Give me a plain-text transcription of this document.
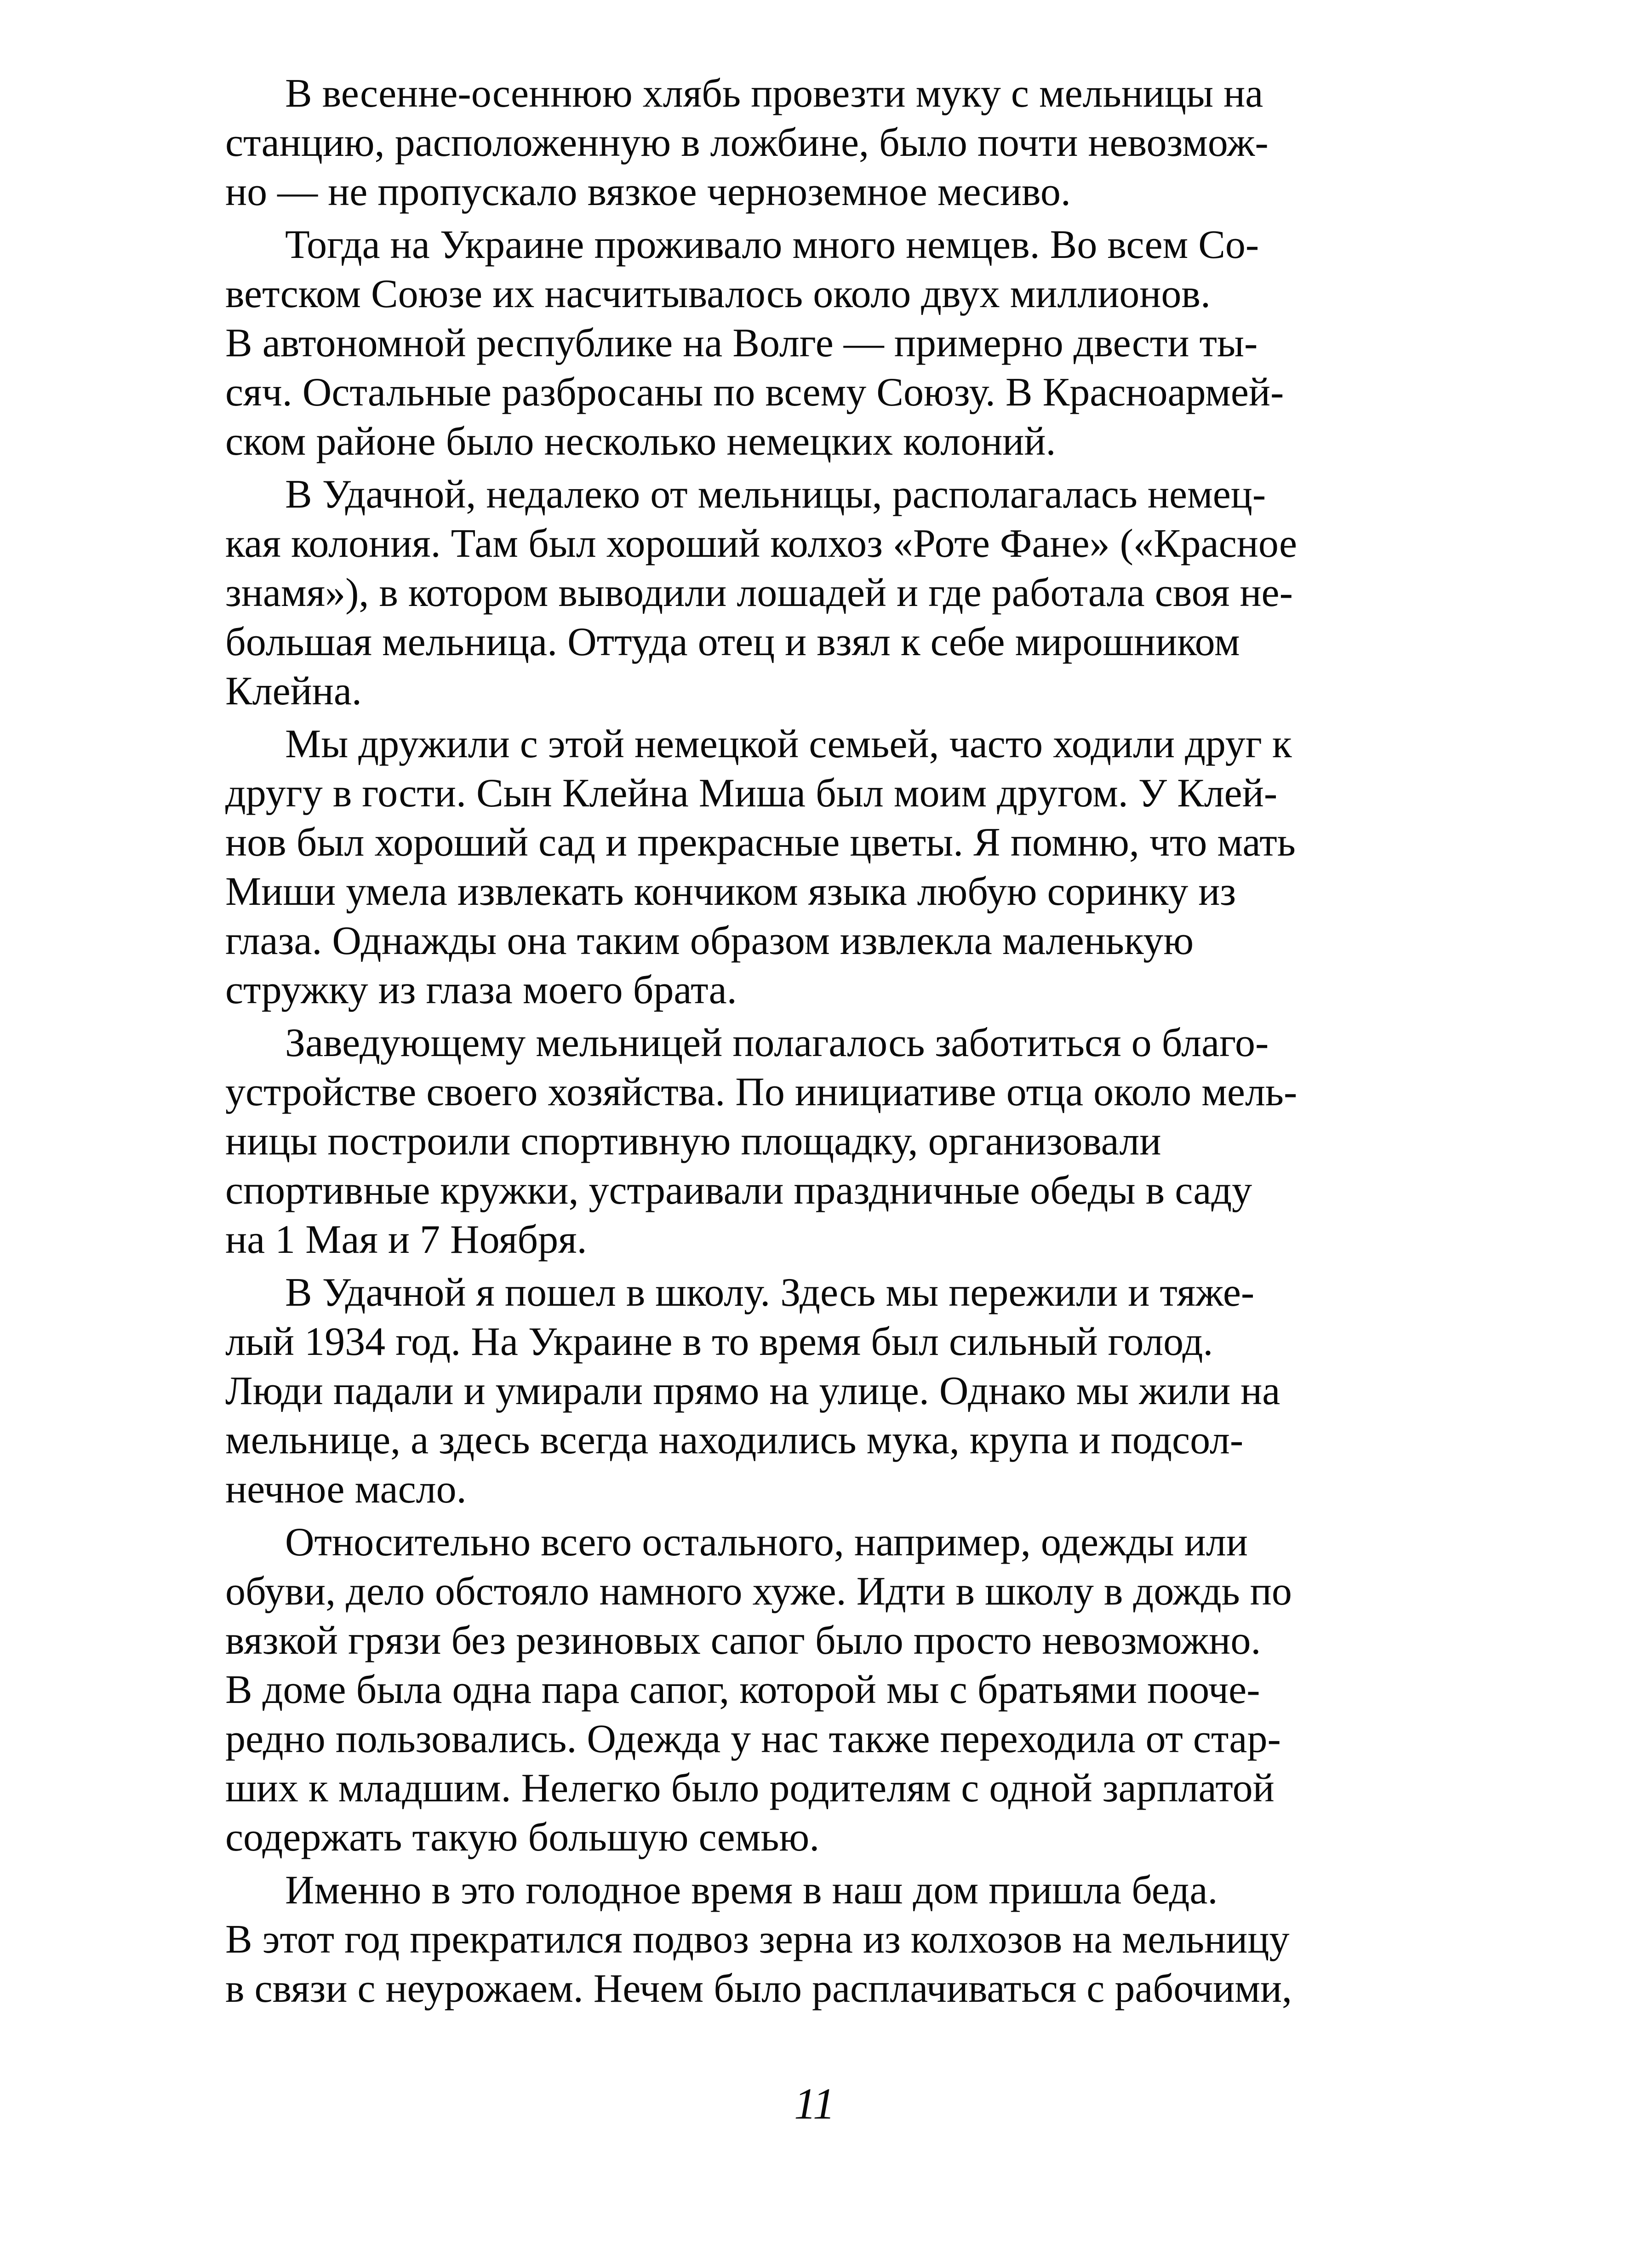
В весенне-осеннюю хлябь провезти муку с мельницы на
станцию, расположенную в ложбине, было почти невозмож-
но — не пропускало вязкое черноземное месиво.

Тогда на Украине проживало много немцев. Во всем Со-
ветском Союзе их насчитывалось около двух миллионов.
В автономной республике на Волге — примерно двести ты-
сяч. Остальные разбросаны по всему Союзу. В Красноармей-
ском районе было несколько немецких колоний.

В Удачной, недалеко от мельницы, располагалась немец-
кая колония. Там был хороший колхоз «Роте Фане» («Красное
знамя»), в котором выводили лошадей и где работала своя не-
большая мельница. Оттуда отец и взял к себе мирошником
Клейна.

Мы дружили с этой немецкой семьей, часто ходили друг к
другу в гости. Сын Клейна Миша был моим другом. У Клей-
нов был хороший сад и прекрасные цветы. Я помню, что мать
Миши умела извлекать кончиком языка любую соринку из
глаза. Однажды она таким образом извлекла маленькую
стружку из глаза моего брата.

Заведующему мельницей полагалось заботиться о благо-
устройстве своего хозяйства. По инициативе отца около мель-
ницы построили спортивную площадку, организовали
спортивные кружки, устраивали праздничные обеды в саду
на 1 Мая и 7 Ноября.

В Удачной я пошел в школу. Здесь мы пережили и тяже-
лый 1934 год. На Украине в то время был сильный голод.
Люди падали и умирали прямо на улице. Однако мы жили на
мельнице, а здесь всегда находились мука, крупа и подсол-
нечное масло.

Относительно всего остального, например, одежды или
обуви, дело обстояло намного хуже. Идти в школу в дождь по
вязкой грязи без резиновых сапог было просто невозможно.
В доме была одна пара сапог, которой мы с братьями пооче-
редно пользовались. Одежда у нас также переходила от стар-
ших к младшим. Нелегко было родителям с одной зарплатой
содержать такую большую семью.

Именно в это голодное время в наш дом пришла беда.
В этот год прекратился подвоз зерна из колхозов на мельницу
в связи с неурожаем. Нечем было расплачиваться с рабочими,

11
